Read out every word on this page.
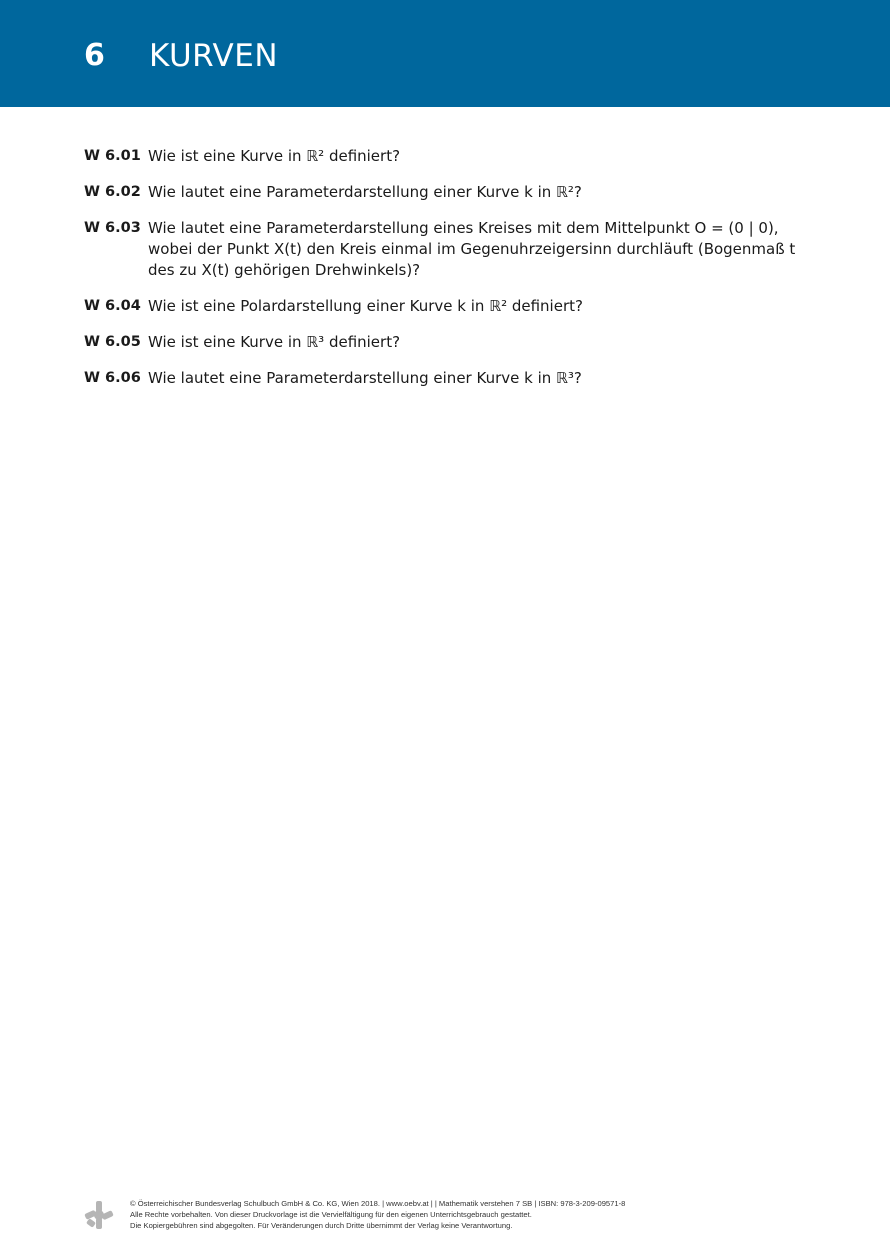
6 KURVEN
W 6.01 Wie ist eine Kurve in ℝ² definiert?
W 6.02 Wie lautet eine Parameterdarstellung einer Kurve k in ℝ²?
W 6.03 Wie lautet eine Parameterdarstellung eines Kreises mit dem Mittelpunkt O = (0 | 0), wobei der Punkt X(t) den Kreis einmal im Gegenuhrzeigersinn durchläuft (Bogenmaß t des zu X(t) gehörigen Drehwinkels)?
W 6.04 Wie ist eine Polardarstellung einer Kurve k in ℝ² definiert?
W 6.05 Wie ist eine Kurve in ℝ³ definiert?
W 6.06 Wie lautet eine Parameterdarstellung einer Kurve k in ℝ³?
© Österreichischer Bundesverlag Schulbuch GmbH & Co. KG, Wien 2018. | www.oebv.at | | Mathematik verstehen 7 SB | ISBN: 978-3-209-09571-8
Alle Rechte vorbehalten. Von dieser Druckvorlage ist die Vervielfältigung für den eigenen Unterrichtsgebrauch gestattet.
Die Kopiergebühren sind abgegolten. Für Veränderungen durch Dritte übernimmt der Verlag keine Verantwortung.
